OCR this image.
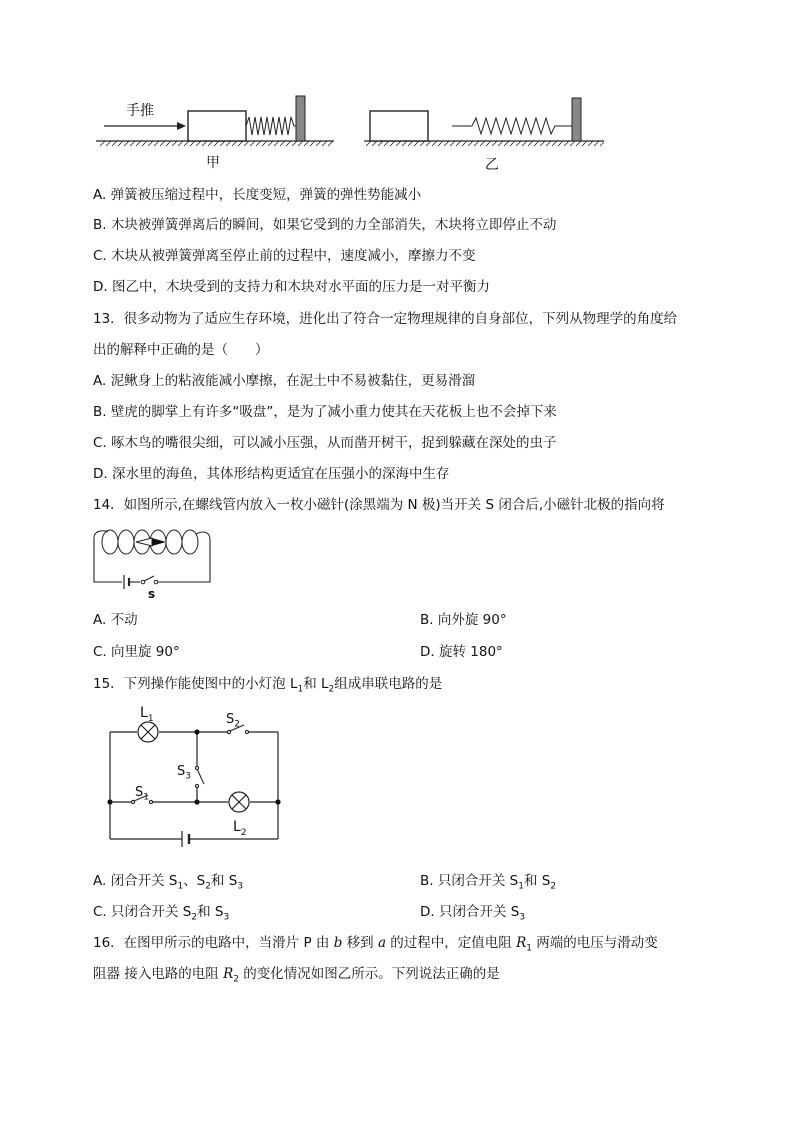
手推
甲	乙
A. 弹簧被压缩过程中，长度变短，弹簧的弹性势能减小
B. 木块被弹簧弹离后的瞬间，如果它受到的力全部消失，木块将立即停止不动
C. 木块从被弹簧弹离至停止前的过程中，速度减小，摩擦力不变
D. 图乙中，木块受到的支持力和木块对水平面的压力是一对平衡力
13．很多动物为了适应生存环境，进化出了符合一定物理规律的自身部位，下列从物理学的角度给
出的解释中正确的是（　　）
A. 泥鳅身上的粘液能减小摩擦，在泥土中不易被黏住，更易滑溜
B. 壁虎的脚掌上有许多“吸盘”，是为了减小重力使其在天花板上也不会掉下来
C. 啄木鸟的嘴很尖细，可以减小压强，从而凿开树干，捉到躲藏在深处的虫子
D. 深水里的海鱼，其体形结构更适宜在压强小的深海中生存
14．如图所示,在螺线管内放入一枚小磁针(涂黑端为 N 极)当开关 S 闭合后,小磁针北极的指向将
s
A. 不动	B. 向外旋 90°
C. 向里旋 90°	D. 旋转 180°
15．下列操作能使图中的小灯泡 $L_1$和 $L_2$组成串联电路的是
$L_1$	$S_2$
$S_3$
$S_1$
$L_2$
A. 闭合开关 $S_1$、$S_2$和 $S_3$	B. 只闭合开关 $S_1$和 $S_2$
C. 只闭合开关 $S_2$和 $S_3$	D. 只闭合开关 $S_3$
16．在图甲所示的电路中，当滑片 P 由 b 移到 a 的过程中，定值电阻 $R_1$ 两端的电压与滑动变
阻器 接入电路的电阻 $R_2$ 的变化情况如图乙所示。下列说法正确的是
